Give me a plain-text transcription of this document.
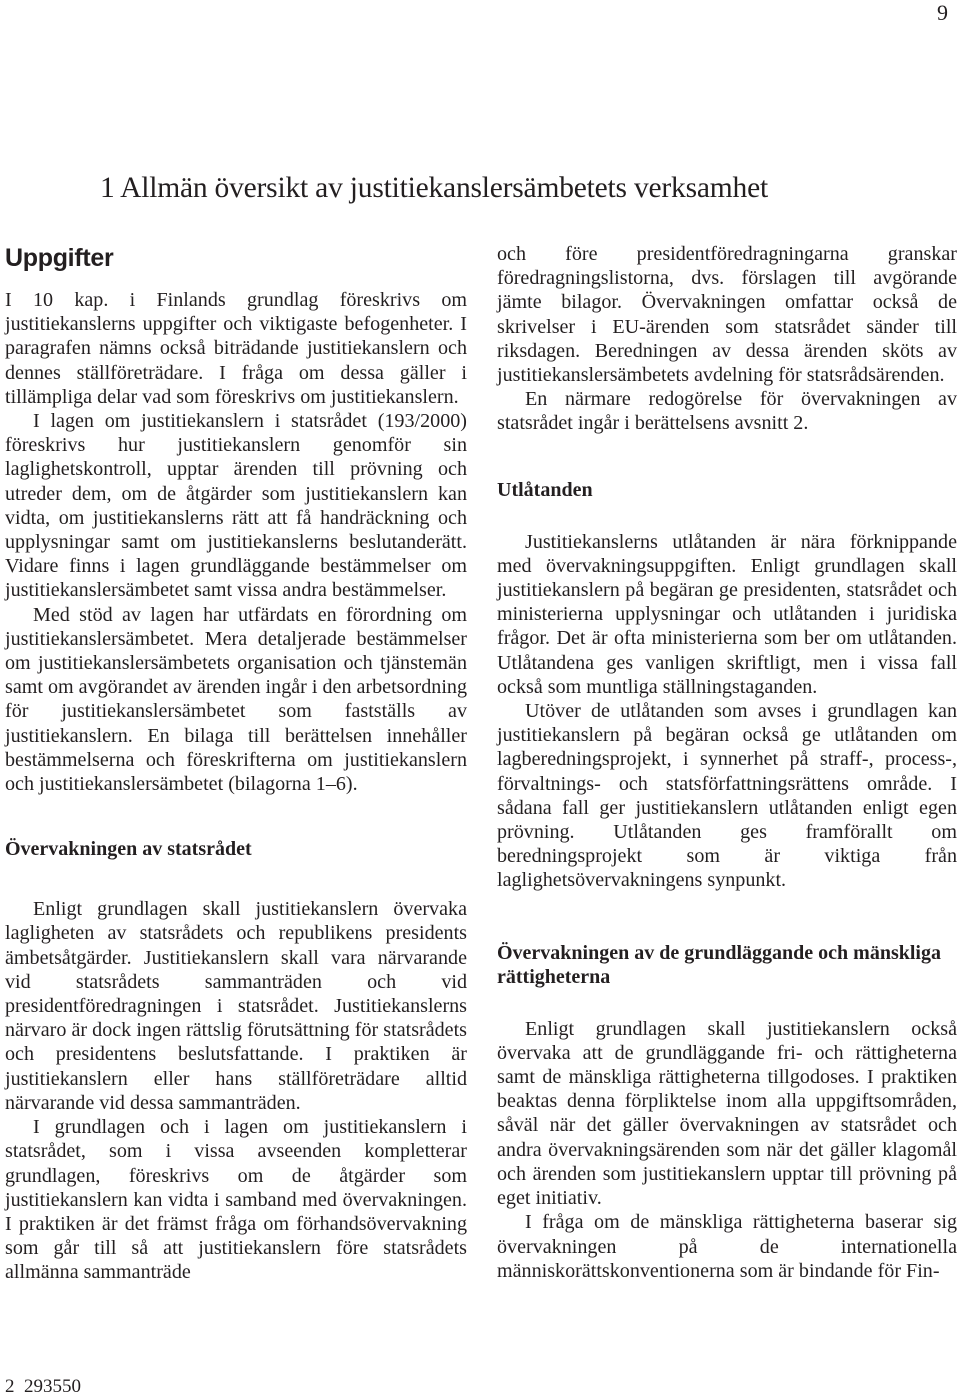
9
1 Allmän översikt av justitiekanslersämbetets verksamhet
Uppgifter

I 10 kap. i Finlands grundlag föreskrivs om justitiekanslerns uppgifter och viktigaste befogenheter. I paragrafen nämns också biträdande justitiekanslern och dennes ställföreträdare. I fråga om dessa gäller i tillämpliga delar vad som föreskrivs om justitiekanslern.

I lagen om justitiekanslern i statsrådet (193/2000) föreskrivs hur justitiekanslern genomför sin laglighetskontroll, upptar ärenden till prövning och utreder dem, om de åtgärder som justitiekanslern kan vidta, om justitiekanslerns rätt att få handräckning och upplysningar samt om justitiekanslerns beslutanderätt. Vidare finns i lagen grundläggande bestämmelser om justitiekanslersämbetet samt vissa andra bestämmelser.

Med stöd av lagen har utfärdats en förordning om justitiekanslersämbetet. Mera detaljerade bestämmelser om justitiekanslersämbetets organisation och tjänstemän samt om avgörandet av ärenden ingår i den arbetsordning för justitiekanslersämbetet som fastställs av justitiekanslern. En bilaga till berättelsen innehåller bestämmelserna och föreskrifterna om justitiekanslern och justitiekanslersämbetet (bilagorna 1–6).

Övervakningen av statsrådet

Enligt grundlagen skall justitiekanslern övervaka lagligheten av statsrådets och republikens presidents ämbetsåtgärder. Justitiekanslern skall vara närvarande vid statsrådets sammanträden och vid presidentföredragningen i statsrådet. Justitiekanslerns närvaro är dock ingen rättslig förutsättning för statsrådets och presidentens beslutsfattande. I praktiken är justitiekanslern eller hans ställföreträdare alltid närvarande vid dessa sammanträden.

I grundlagen och i lagen om justitiekanslern i statsrådet, som i vissa avseenden kompletterar grundlagen, föreskrivs om de åtgärder som justitiekanslern kan vidta i samband med övervakningen. I praktiken är det främst fråga om förhandsövervakning som går till så att justitiekanslern före statsrådets allmänna sammanträde

och före presidentföredragningarna granskar föredragningslistorna, dvs. förslagen till avgörande jämte bilagor. Övervakningen omfattar också de skrivelser i EU-ärenden som statsrådet sänder till riksdagen. Beredningen av dessa ärenden sköts av justitiekanslersämbetets avdelning för statsrådsärenden.

En närmare redogörelse för övervakningen av statsrådet ingår i berättelsens avsnitt 2.

Utlåtanden

Justitiekanslerns utlåtanden är nära förknippande med övervakningsuppgiften. Enligt grundlagen skall justitiekanslern på begäran ge presidenten, statsrådet och ministerierna upplysningar och utlåtanden i juridiska frågor. Det är ofta ministerierna som ber om utlåtanden. Utlåtandena ges vanligen skriftligt, men i vissa fall också som muntliga ställningstaganden.

Utöver de utlåtanden som avses i grundlagen kan justitiekanslern på begäran också ge utlåtanden om lagberedningsprojekt, i synnerhet på straff-, process-, förvaltnings- och statsförfattningsrättens område. I sådana fall ger justitiekanslern utlåtanden enligt egen prövning. Utlåtanden ges framförallt om beredningsprojekt som är viktiga från laglighetsövervakningens synpunkt.

Övervakningen av de grundläggande och mänskliga rättigheterna

Enligt grundlagen skall justitiekanslern också övervaka att de grundläggande fri- och rättigheterna samt de mänskliga rättigheterna tillgodoses. I praktiken beaktas denna förpliktelse inom alla uppgiftsområden, såväl när det gäller övervakningen av statsrådet och andra övervakningsärenden som när det gäller klagomål och ärenden som justitiekanslern upptar till prövning på eget initiativ.

I fråga om de mänskliga rättigheterna baserar sig övervakningen på de internationella människorättskonventionerna som är bindande för Fin-

2  293550
